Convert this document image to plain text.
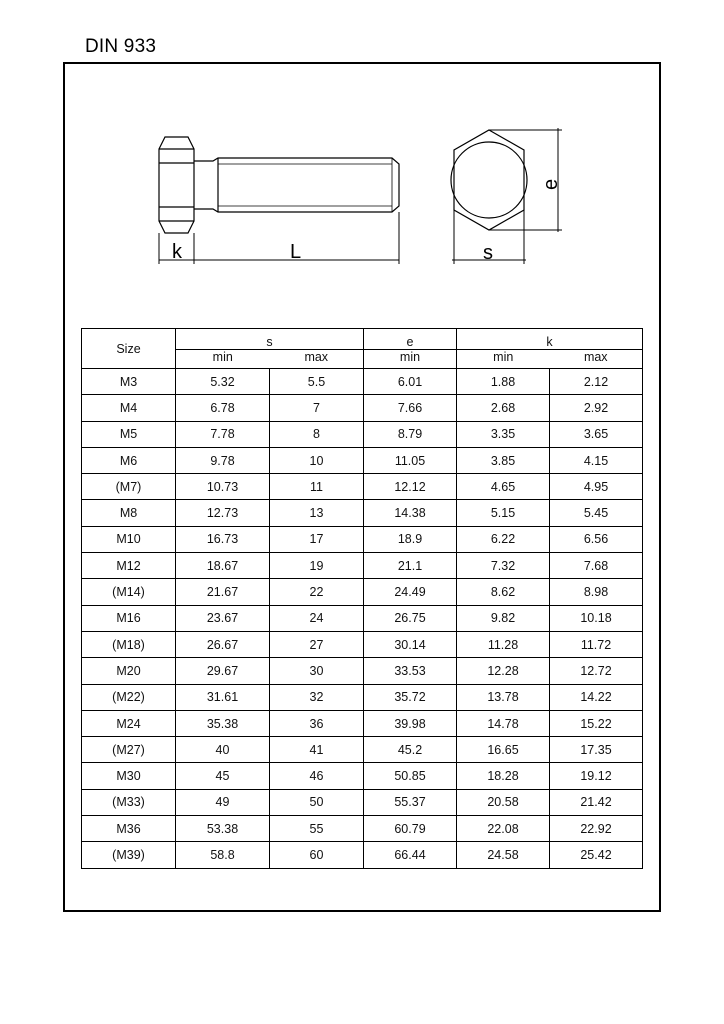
DIN 933
k	L	s
e
Size	s		e	k	
	min	max	min	min	max
M3	5.32	5.5	6.01	1.88	2.12
M4	6.78	7	7.66	2.68	2.92
M5	7.78	8	8.79	3.35	3.65
M6	9.78	10	11.05	3.85	4.15
(M7)	10.73	11	12.12	4.65	4.95
M8	12.73	13	14.38	5.15	5.45
M10	16.73	17	18.9	6.22	6.56
M12	18.67	19	21.1	7.32	7.68
(M14)	21.67	22	24.49	8.62	8.98
M16	23.67	24	26.75	9.82	10.18
(M18)	26.67	27	30.14	11.28	11.72
M20	29.67	30	33.53	12.28	12.72
(M22)	31.61	32	35.72	13.78	14.22
M24	35.38	36	39.98	14.78	15.22
(M27)	40	41	45.2	16.65	17.35
M30	45	46	50.85	18.28	19.12
(M33)	49	50	55.37	20.58	21.42
M36	53.38	55	60.79	22.08	22.92
(M39)	58.8	60	66.44	24.58	25.42
